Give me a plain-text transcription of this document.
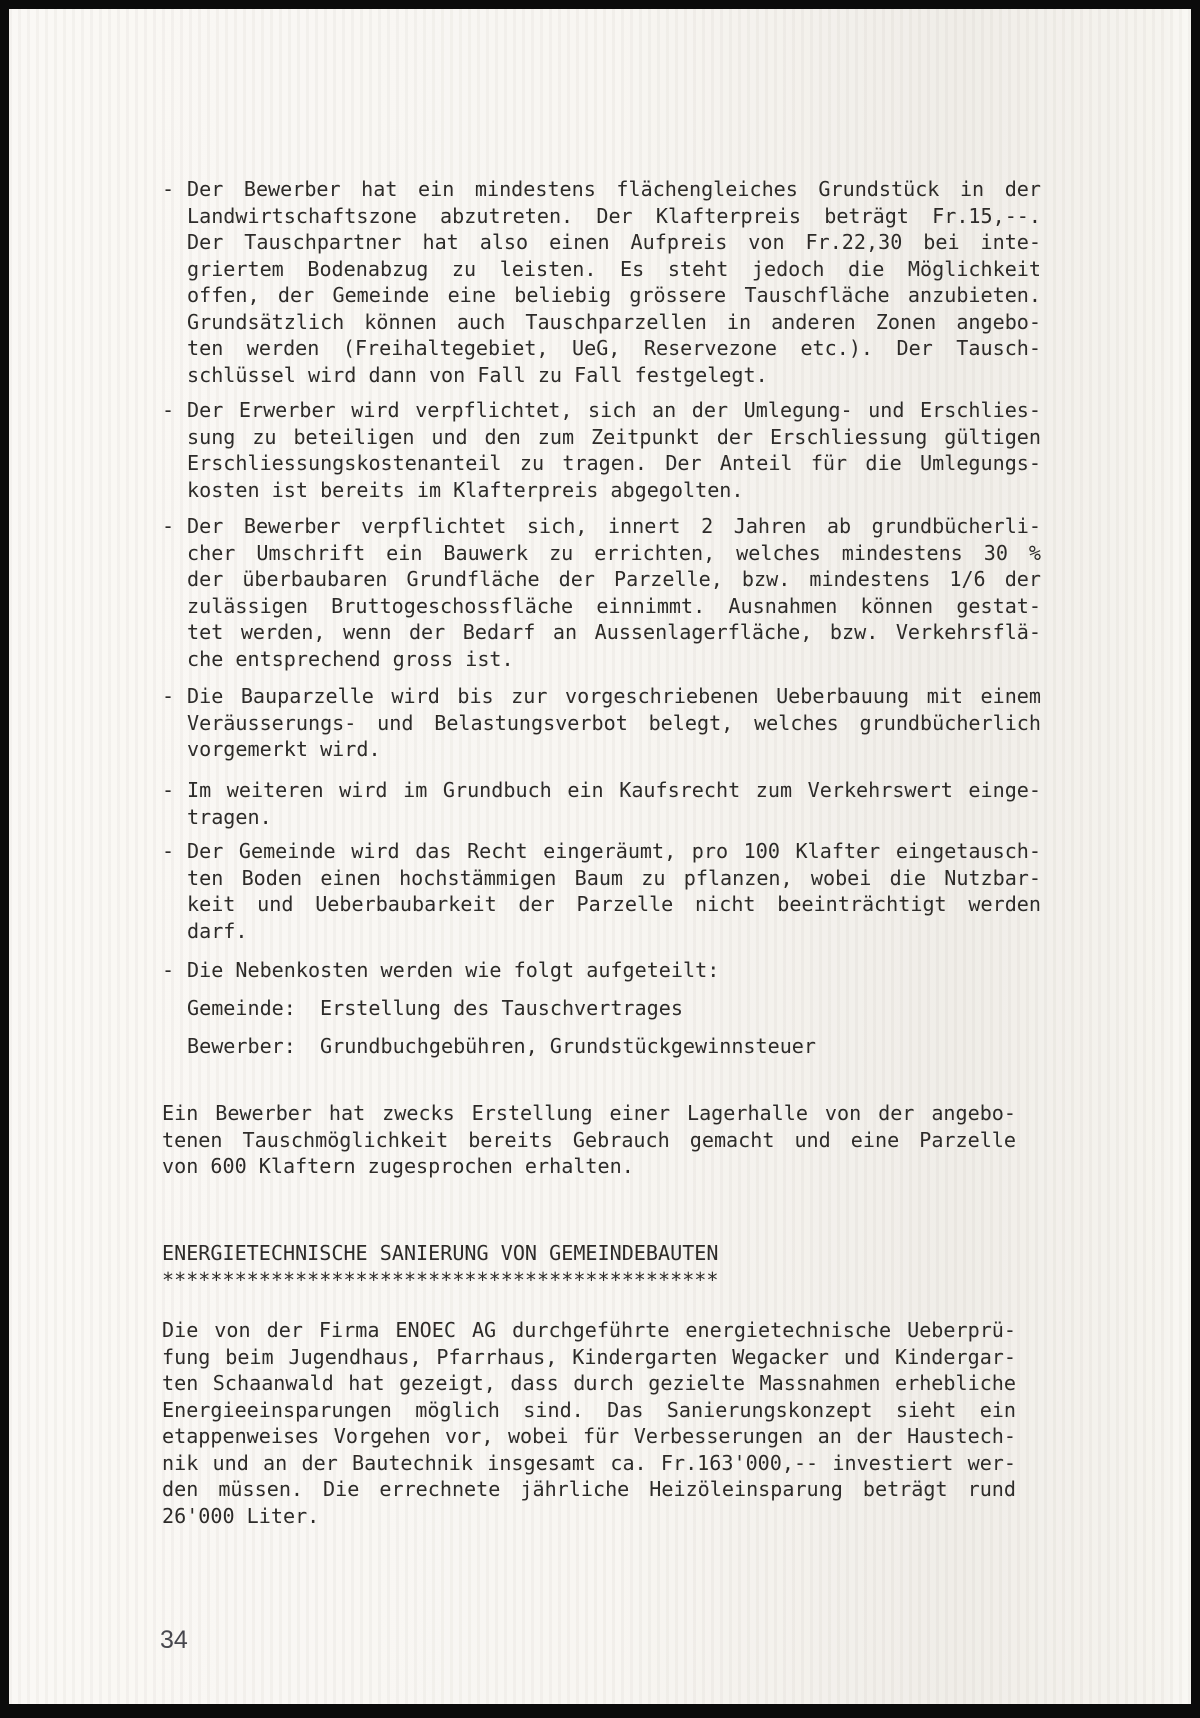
- Der Bewerber hat ein mindestens flächengleiches Grundstück in der
Landwirtschaftszone abzutreten. Der Klafterpreis beträgt Fr.15,--.
Der Tauschpartner hat also einen Aufpreis von Fr.22,30 bei inte-
griertem Bodenabzug zu leisten. Es steht jedoch die Möglichkeit
offen, der Gemeinde eine beliebig grössere Tauschfläche anzubieten.
Grundsätzlich können auch Tauschparzellen in anderen Zonen angebo-
ten werden (Freihaltegebiet, UeG, Reservezone etc.). Der Tausch-
schlüssel wird dann von Fall zu Fall festgelegt.
- Der Erwerber wird verpflichtet, sich an der Umlegung- und Erschlies-
sung zu beteiligen und den zum Zeitpunkt der Erschliessung gültigen
Erschliessungskostenanteil zu tragen. Der Anteil für die Umlegungs-
kosten ist bereits im Klafterpreis abgegolten.
- Der Bewerber verpflichtet sich, innert 2 Jahren ab grundbücherli-
cher Umschrift ein Bauwerk zu errichten, welches mindestens 30 %
der überbaubaren Grundfläche der Parzelle, bzw. mindestens 1/6 der
zulässigen Bruttogeschossfläche einnimmt. Ausnahmen können gestat-
tet werden, wenn der Bedarf an Aussenlagerfläche, bzw. Verkehrsflä-
che entsprechend gross ist.
- Die Bauparzelle wird bis zur vorgeschriebenen Ueberbauung mit einem
Veräusserungs- und Belastungsverbot belegt, welches grundbücherlich
vorgemerkt wird.
- Im weiteren wird im Grundbuch ein Kaufsrecht zum Verkehrswert einge-
tragen.
- Der Gemeinde wird das Recht eingeräumt, pro 100 Klafter eingetausch-
ten Boden einen hochstämmigen Baum zu pflanzen, wobei die Nutzbar-
keit und Ueberbaubarkeit der Parzelle nicht beeinträchtigt werden
darf.
- Die Nebenkosten werden wie folgt aufgeteilt:
Gemeinde:	Erstellung des Tauschvertrages
Bewerber:	Grundbuchgebühren, Grundstückgewinnsteuer
Ein Bewerber hat zwecks Erstellung einer Lagerhalle von der angebo-
tenen Tauschmöglichkeit bereits Gebrauch gemacht und eine Parzelle
von 600 Klaftern zugesprochen erhalten.
ENERGIETECHNISCHE SANIERUNG VON GEMEINDEBAUTEN
**********************************************
Die von der Firma ENOEC AG durchgeführte energietechnische Ueberprü-
fung beim Jugendhaus, Pfarrhaus, Kindergarten Wegacker und Kindergar-
ten Schaanwald hat gezeigt, dass durch gezielte Massnahmen erhebliche
Energieeinsparungen möglich sind. Das Sanierungskonzept sieht ein
etappenweises Vorgehen vor, wobei für Verbesserungen an der Haustech-
nik und an der Bautechnik insgesamt ca. Fr.163'000,-- investiert wer-
den müssen. Die errechnete jährliche Heizöleinsparung beträgt rund
26'000 Liter.
34
